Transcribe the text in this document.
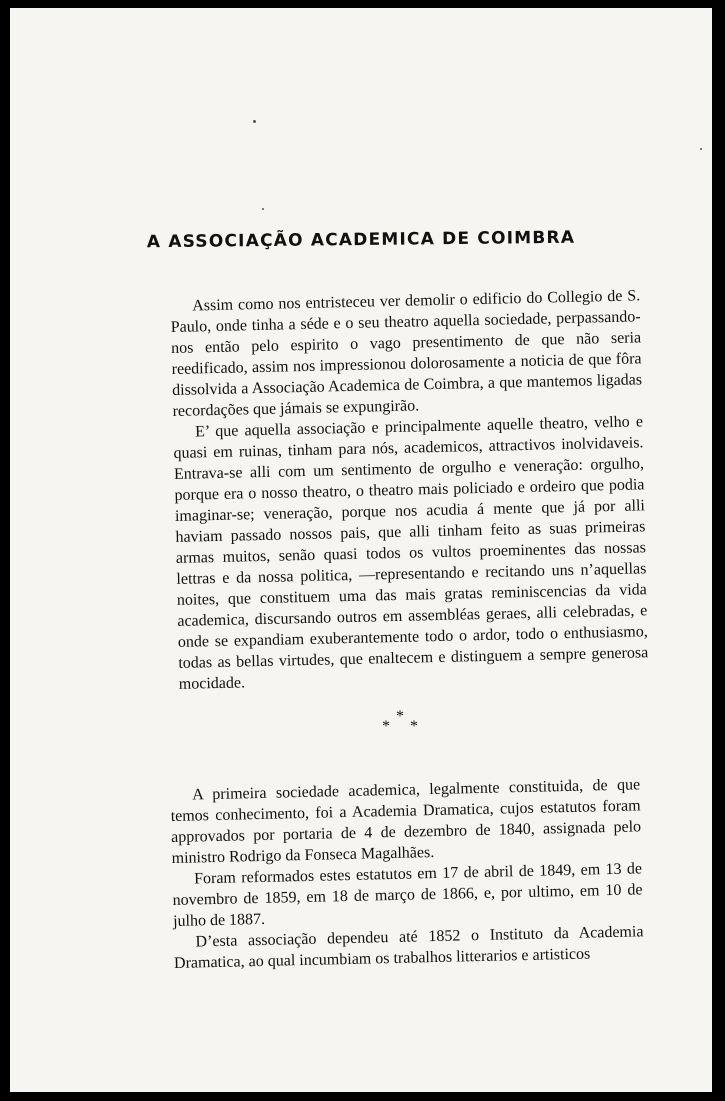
A ASSOCIAÇÃO ACADEMICA DE COIMBRA

Assim como nos entristeceu ver demolir o edificio do Collegio de S. Paulo, onde tinha a séde e o seu theatro aquella sociedade, perpassando-nos então pelo espirito o vago presentimento de que não seria reedificado, assim nos impressionou dolorosamente a noticia de que fôra dissolvida a Associação Academica de Coimbra, a que mantemos ligadas recordações que jámais se expungirão.

E’ que aquella associação e principalmente aquelle theatro, velho e quasi em ruinas, tinham para nós, academicos, attractivos inolvidaveis. Entrava-se alli com um sentimento de orgulho e veneração: orgulho, porque era o nosso theatro, o theatro mais policiado e ordeiro que podia imaginar-se; veneração, porque nos acudia á mente que já por alli haviam passado nossos pais, que alli tinham feito as suas primeiras armas muitos, senão quasi todos os vultos proeminentes das nossas lettras e da nossa politica, —representando e recitando uns n’aquellas noites, que constituem uma das mais gratas reminiscencias da vida academica, discursando outros em assembléas geraes, alli celebradas, e onde se expandiam exuberantemente todo o ardor, todo o enthusiasmo, todas as bellas virtudes, que enaltecem e distinguem a sempre generosa mocidade.

*
* *

A primeira sociedade academica, legalmente constituida, de que temos conhecimento, foi a Academia Dramatica, cujos estatutos foram approvados por portaria de 4 de dezembro de 1840, assignada pelo ministro Rodrigo da Fonseca Magalhães.

Foram reformados estes estatutos em 17 de abril de 1849, em 13 de novembro de 1859, em 18 de março de 1866, e, por ultimo, em 10 de julho de 1887.

D’esta associação dependeu até 1852 o Instituto da Academia Dramatica, ao qual incumbiam os trabalhos litterarios e artisticos
